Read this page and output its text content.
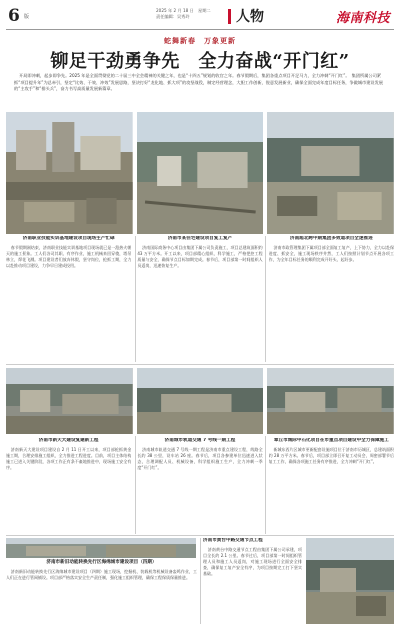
6 版
2025 年 2 月 18 日　星期二
责任编辑：吴秀玲	人物	海南科技
蛇舞新春　万象更新
铆足干劲勇争先　全力奋战“开门红”

开局即冲刺，起步即争先。2025 年是全面贯彻党的二十届三中全会精神的关键之年，也是“十四五”规划的收官之年。春节假期后，集团各重点项目开足马力，全力冲刺“开门红”。　集团所属公司紧抓“项目提升年”为总牵引，坚定“比效、干效、冲效”发展思路，坚决打好“龙化地、抓大项”的攻坚战役，制定经营理念，大胆工作创新，锐意发展新业，确保全面完成年度目标任务，争做城市建设发展的“主攻手”和“排头兵”，奋力书写高质量发展新篇章。

济南职业技能实训基地建设项目现场生产忙碌

春节假期刚结束，济南职业技能实训基地项目现场就已是一派热火朝天的施工景象。工人们各司其职、有序作业，施工机械来回穿梭，塔吊林立，焊花飞溅。项目建设者们放弃休假，坚守岗位，抢抓工期，全力以赴推动项目建设，力争早日建成投用。

济南市某住宅建设项目复工复产

济南国际商务中心项目由集团下属公司负责施工，项目总建筑面积约 43 万平方米。开工以来，项目部精心组织、科学施工，严格把控工程质量与安全，确保节点目标如期完成。春节后，项目部第一时间组织人员返岗，迅速恢复生产。

济南超北跨中期集团多效道项目全速推进

济南市政管理集团下属项目部全面复工复产，上下协力，全力以赴保进度、抓安全，施工现场秩序井然，工人们按照计划节点开展各项工作，为全年目标任务的顺利完成开好头、起好步。

济南市新天大建设复建新工程

济南新天大建设项目建设自 2 月 11 日开工以来，项目部抢抓黄金施工期，合理安排施工组织，全力推进工程进度。目前，项目主体结构施工已进入关键阶段，各项工作正有条不紊地推进中，现场施工安全有序。

济南城市轨道交通 7 号线一期工程

济南城市轨道交通 7 号线一期工程是济南市重点建设工程，线路全长约 38 公里，设车站 26 座。春节后，项目各参建单位迅速进入状态，合理调配人员、机械设备，科学组织施工生产，全力冲刺一季度“开门红”。

章丘市城际中石化项目在市重点项目建设中全力保障施工

新城东西片区城市更新配套设施项目位于济南市历城区，总建筑面积约 28 万平方米。春节后，项目部立即召开复工动员会，周密部署节后复工工作，确保各项施工任务有序推进，全力冲刺“开门红”。

济南市新旧动能转换先行区海绵城市建设项目（四期）

济南新旧动能转换先行区海绵城市建设项目（四期）施工现场，挖掘机、装载机等机械设备轰鸣作业，工人们正在进行管网铺设。项目部严格落实安全生产责任制，强化施工组织管理，确保工程保质保量推进。

济南市黄台中路交通节点工程

济南黄台中路交通节点工程由集团下属公司承建，项目全长约 2.1 公里。春节过后，项目部第一时间组织管理人员和施工人员返岗，对施工现场进行全面安全排查，确保复工复产安全有序，为项目按期完工打下坚实基础。
